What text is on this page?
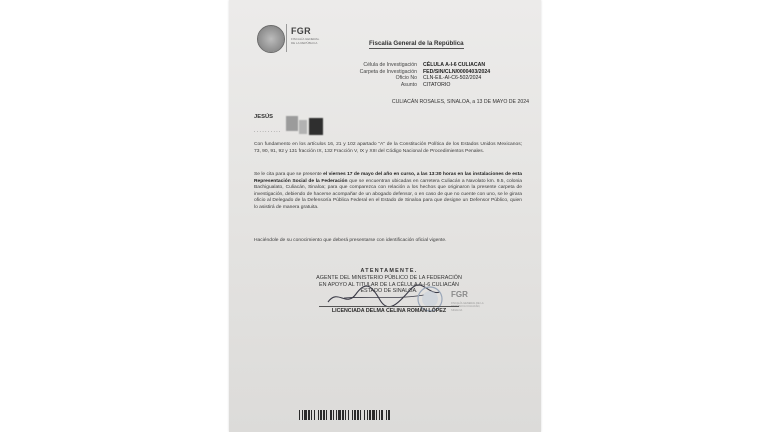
FGR
FISCALÍA GENERAL DE LA REPÚBLICA	Fiscalía General de la República
Célula de Investigación	CÉLULA A-I-6 CULIACAN
Carpeta de Investigación	FED/SIN/CLN/0000403/2024
Oficio No	CLN-EIL-AI-C6-502/2024
Asunto	CITATORIO
CULIACÁN ROSALES, SINALOA, a 13 DE MAYO DE 2024
JESÚS
. . . . . . . . . .
Con fundamento en los artículos 16, 21 y 102 apartado "A" de la Constitución Política de los Estados Unidos Mexicanos; 73, 90, 91, 92 y 131 fracción IX, 132 Fracción V, IX y XIII del Código Nacional de Procedimientos Penales.
Se le cita para que se presente el viernes 17 de mayo del año en curso, a las 13:30 horas en las instalaciones de esta Representación Social de la Federación que se encuentran ubicadas en carretera Culiacán a Navolato km. 9.5, colonia Bachigualato, Culiacán, Sinaloa; para que comparezca con relación a los hechos que originaron la presente carpeta de investigación, debiendo de hacerse acompañar de un abogado defensor, o en caso de que no cuente con uno, se le girara oficio al Delegado de la Defensoría Pública Federal en el Estado de Sinaloa para que designe un Defensor Público, quien lo asistirá de manera gratuita.
Haciéndole de su conocimiento que deberá presentarse con identificación oficial vigente.
ATENTAMENTE.
AGENTE DEL MINISTERIO PÚBLICO DE LA FEDERACIÓN
EN APOYO AL TITULAR DE LA CÉLULA A-I-6 CULIACÁN
ESTADO DE SINALOA.	FGR
FISCALÍA GENERAL DE LA REPÚBLICA CULIACÁN, SINALOA
LICENCIADA DELMA CELINA ROMÁN LÓPEZ
